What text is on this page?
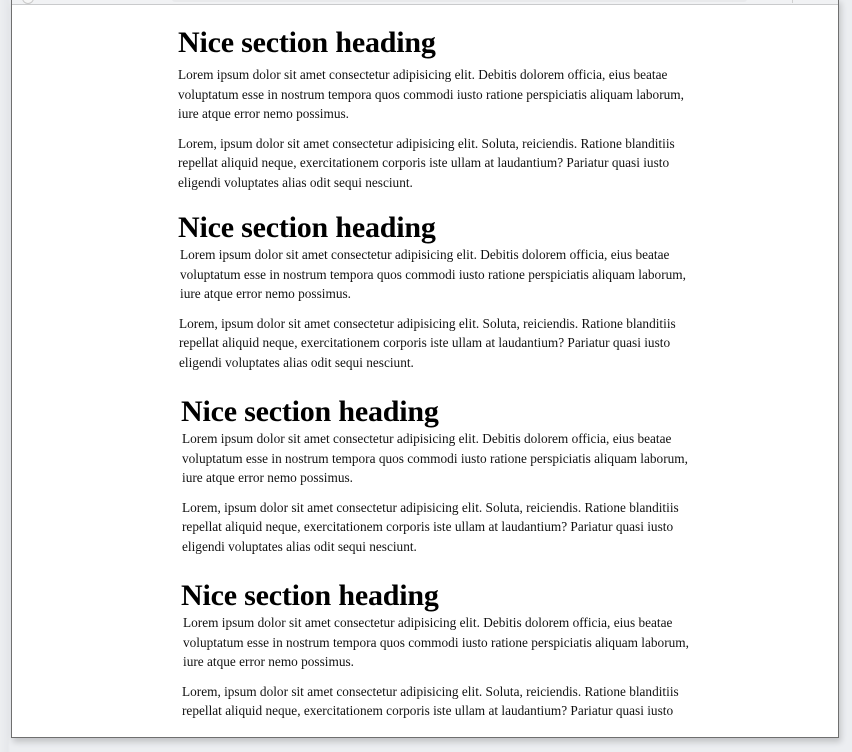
Nice section heading

Lorem ipsum dolor sit amet consectetur adipisicing elit. Debitis dolorem officia, eius beatae voluptatum esse in nostrum tempora quos commodi iusto ratione perspiciatis aliquam laborum, iure atque error nemo possimus.

Lorem, ipsum dolor sit amet consectetur adipisicing elit. Soluta, reiciendis. Ratione blanditiis repellat aliquid neque, exercitationem corporis iste ullam at laudantium? Pariatur quasi iusto eligendi voluptates alias odit sequi nesciunt.

Nice section heading

Lorem ipsum dolor sit amet consectetur adipisicing elit. Debitis dolorem officia, eius beatae voluptatum esse in nostrum tempora quos commodi iusto ratione perspiciatis aliquam laborum, iure atque error nemo possimus.

Lorem, ipsum dolor sit amet consectetur adipisicing elit. Soluta, reiciendis. Ratione blanditiis repellat aliquid neque, exercitationem corporis iste ullam at laudantium? Pariatur quasi iusto eligendi voluptates alias odit sequi nesciunt.

Nice section heading

Lorem ipsum dolor sit amet consectetur adipisicing elit. Debitis dolorem officia, eius beatae voluptatum esse in nostrum tempora quos commodi iusto ratione perspiciatis aliquam laborum, iure atque error nemo possimus.

Lorem, ipsum dolor sit amet consectetur adipisicing elit. Soluta, reiciendis. Ratione blanditiis repellat aliquid neque, exercitationem corporis iste ullam at laudantium? Pariatur quasi iusto eligendi voluptates alias odit sequi nesciunt.

Nice section heading

Lorem ipsum dolor sit amet consectetur adipisicing elit. Debitis dolorem officia, eius beatae voluptatum esse in nostrum tempora quos commodi iusto ratione perspiciatis aliquam laborum, iure atque error nemo possimus.

Lorem, ipsum dolor sit amet consectetur adipisicing elit. Soluta, reiciendis. Ratione blanditiis repellat aliquid neque, exercitationem corporis iste ullam at laudantium? Pariatur quasi iusto
